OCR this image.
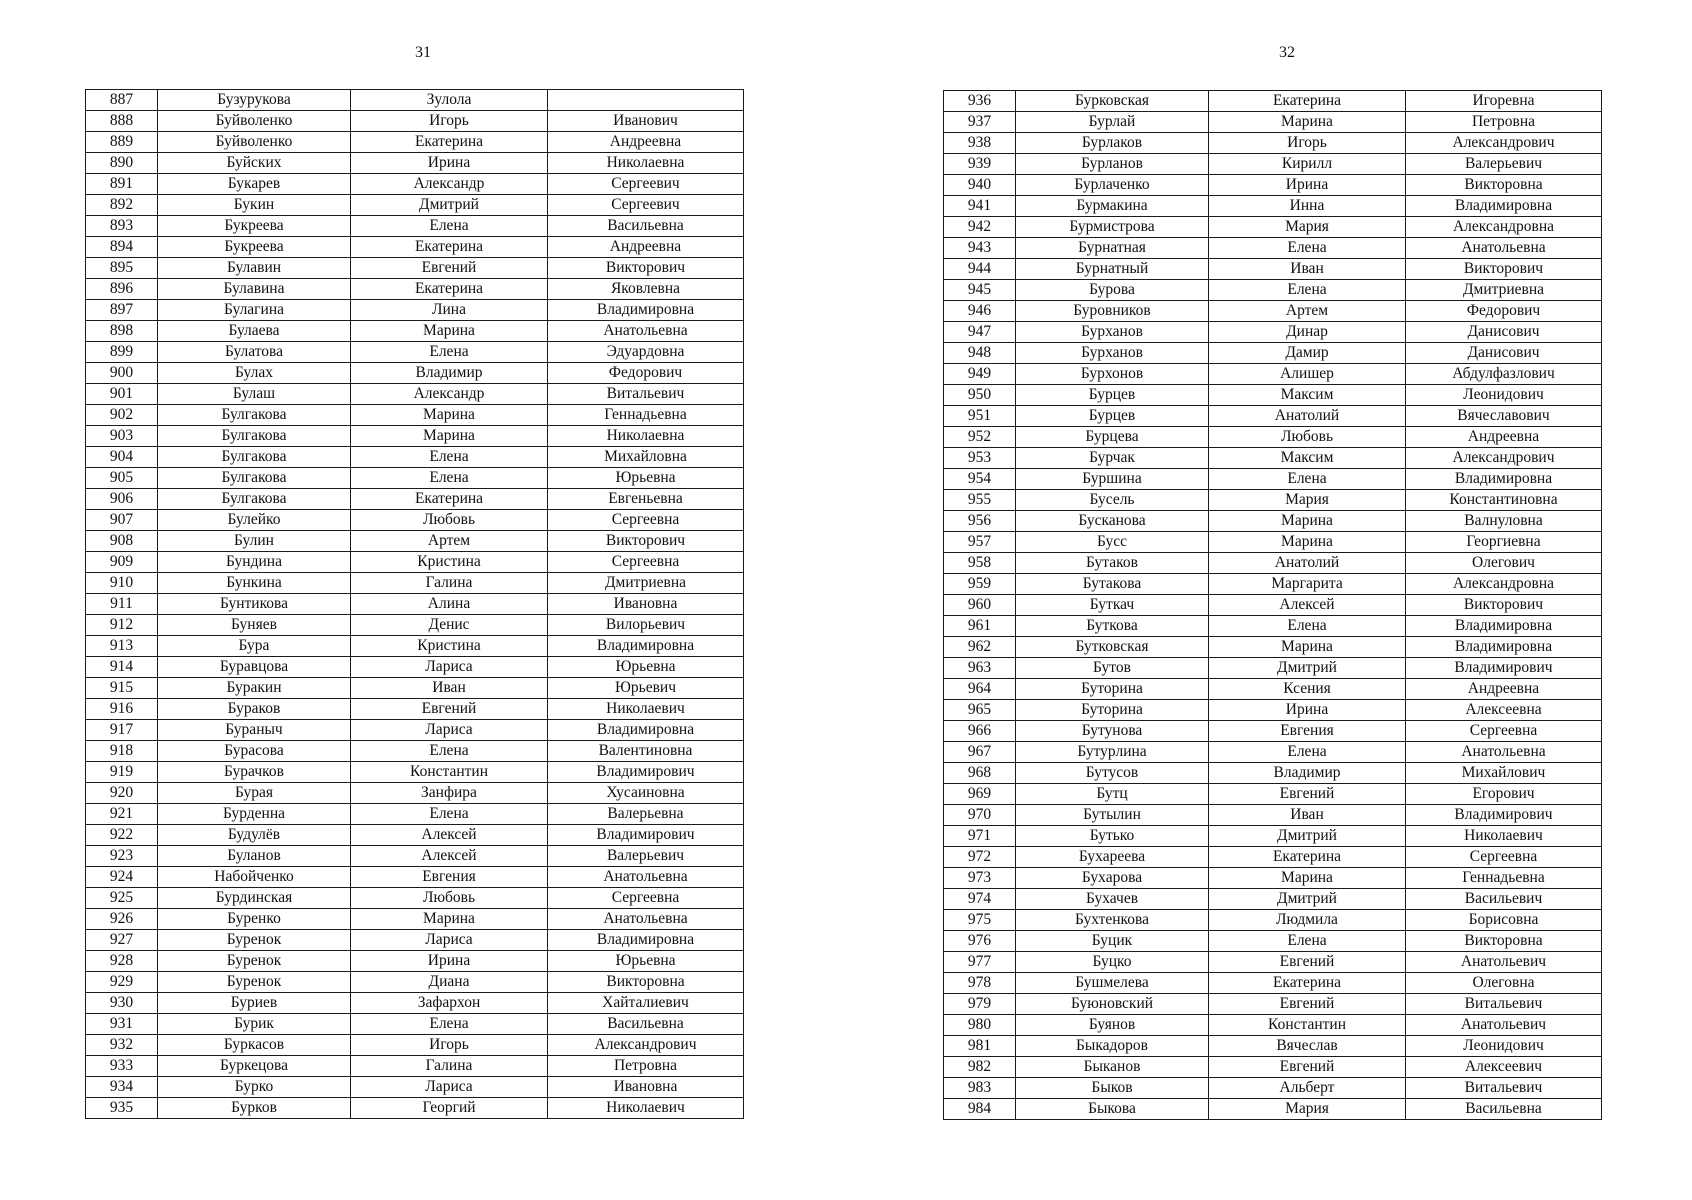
31	32
887	Бузурукова	Зулола	
888	Буйволенко	Игорь	Иванович
889	Буйволенко	Екатерина	Андреевна
890	Буйских	Ирина	Николаевна
891	Букарев	Александр	Сергеевич
892	Букин	Дмитрий	Сергеевич
893	Букреева	Елена	Васильевна
894	Букреева	Екатерина	Андреевна
895	Булавин	Евгений	Викторович
896	Булавина	Екатерина	Яковлевна
897	Булагина	Лина	Владимировна
898	Булаева	Марина	Анатольевна
899	Булатова	Елена	Эдуардовна
900	Булах	Владимир	Федорович
901	Булаш	Александр	Витальевич
902	Булгакова	Марина	Геннадьевна
903	Булгакова	Марина	Николаевна
904	Булгакова	Елена	Михайловна
905	Булгакова	Елена	Юрьевна
906	Булгакова	Екатерина	Евгеньевна
907	Булейко	Любовь	Сергеевна
908	Булин	Артем	Викторович
909	Бундина	Кристина	Сергеевна
910	Бункина	Галина	Дмитриевна
911	Бунтикова	Алина	Ивановна
912	Буняев	Денис	Вилорьевич
913	Бура	Кристина	Владимировна
914	Буравцова	Лариса	Юрьевна
915	Буракин	Иван	Юрьевич
916	Бураков	Евгений	Николаевич
917	Бураныч	Лариса	Владимировна
918	Бурасова	Елена	Валентиновна
919	Бурачков	Константин	Владимирович
920	Бурая	Занфира	Хусаиновна
921	Бурденна	Елена	Валерьевна
922	Будулёв	Алексей	Владимирович
923	Буланов	Алексей	Валерьевич
924	Набойченко	Евгения	Анатольевна
925	Бурдинская	Любовь	Сергеевна
926	Буренко	Марина	Анатольевна
927	Буренок	Лариса	Владимировна
928	Буренок	Ирина	Юрьевна
929	Буренок	Диана	Викторовна
930	Буриев	Зафархон	Хайталиевич
931	Бурик	Елена	Васильевна
932	Буркасов	Игорь	Александрович
933	Буркецова	Галина	Петровна
934	Бурко	Лариса	Ивановна
935	Бурков	Георгий	Николаевич
936	Бурковская	Екатерина	Игоревна
937	Бурлай	Марина	Петровна
938	Бурлаков	Игорь	Александрович
939	Бурланов	Кирилл	Валерьевич
940	Бурлаченко	Ирина	Викторовна
941	Бурмакина	Инна	Владимировна
942	Бурмистрова	Мария	Александровна
943	Бурнатная	Елена	Анатольевна
944	Бурнатный	Иван	Викторович
945	Бурова	Елена	Дмитриевна
946	Буровников	Артем	Федорович
947	Бурханов	Динар	Данисович
948	Бурханов	Дамир	Данисович
949	Бурхонов	Алишер	Абдулфазлович
950	Бурцев	Максим	Леонидович
951	Бурцев	Анатолий	Вячеславович
952	Бурцева	Любовь	Андреевна
953	Бурчак	Максим	Александрович
954	Буршина	Елена	Владимировна
955	Бусель	Мария	Константиновна
956	Бусканова	Марина	Валнуловна
957	Бусс	Марина	Георгиевна
958	Бутаков	Анатолий	Олегович
959	Бутакова	Маргарита	Александровна
960	Буткач	Алексей	Викторович
961	Буткова	Елена	Владимировна
962	Бутковская	Марина	Владимировна
963	Бутов	Дмитрий	Владимирович
964	Буторина	Ксения	Андреевна
965	Буторина	Ирина	Алексеевна
966	Бутунова	Евгения	Сергеевна
967	Бутурлина	Елена	Анатольевна
968	Бутусов	Владимир	Михайлович
969	Бутц	Евгений	Егорович
970	Бутылин	Иван	Владимирович
971	Бутько	Дмитрий	Николаевич
972	Бухареева	Екатерина	Сергеевна
973	Бухарова	Марина	Геннадьевна
974	Бухачев	Дмитрий	Васильевич
975	Бухтенкова	Людмила	Борисовна
976	Буцик	Елена	Викторовна
977	Буцко	Евгений	Анатольевич
978	Бушмелева	Екатерина	Олеговна
979	Буюновский	Евгений	Витальевич
980	Буянов	Константин	Анатольевич
981	Быкадоров	Вячеслав	Леонидович
982	Быканов	Евгений	Алексеевич
983	Быков	Альберт	Витальевич
984	Быкова	Мария	Васильевна
